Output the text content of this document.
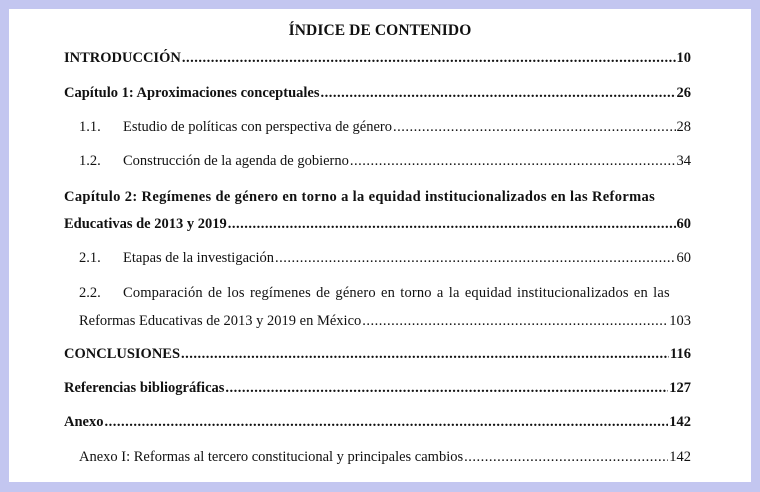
ÍNDICE DE CONTENIDO
INTRODUCCIÓN .....	10
Capítulo 1: Aproximaciones conceptuales .....	26
1.1.	Estudio de políticas con perspectiva de género .....	28
1.2.	Construcción de la agenda de gobierno .....	34
Capítulo 2: Regímenes de género en torno a la equidad institucionalizados en las Reformas
Educativas de 2013 y 2019 .....	60
2.1.	Etapas de la investigación .....	60
2.2.	Comparación de los regímenes de género en torno a la equidad institucionalizados en las
Reformas Educativas de 2013 y 2019 en México .....	103
CONCLUSIONES .....	116
Referencias bibliográficas .....	127
Anexo .....	142
Anexo I: Reformas al tercero constitucional y principales cambios .....	142
